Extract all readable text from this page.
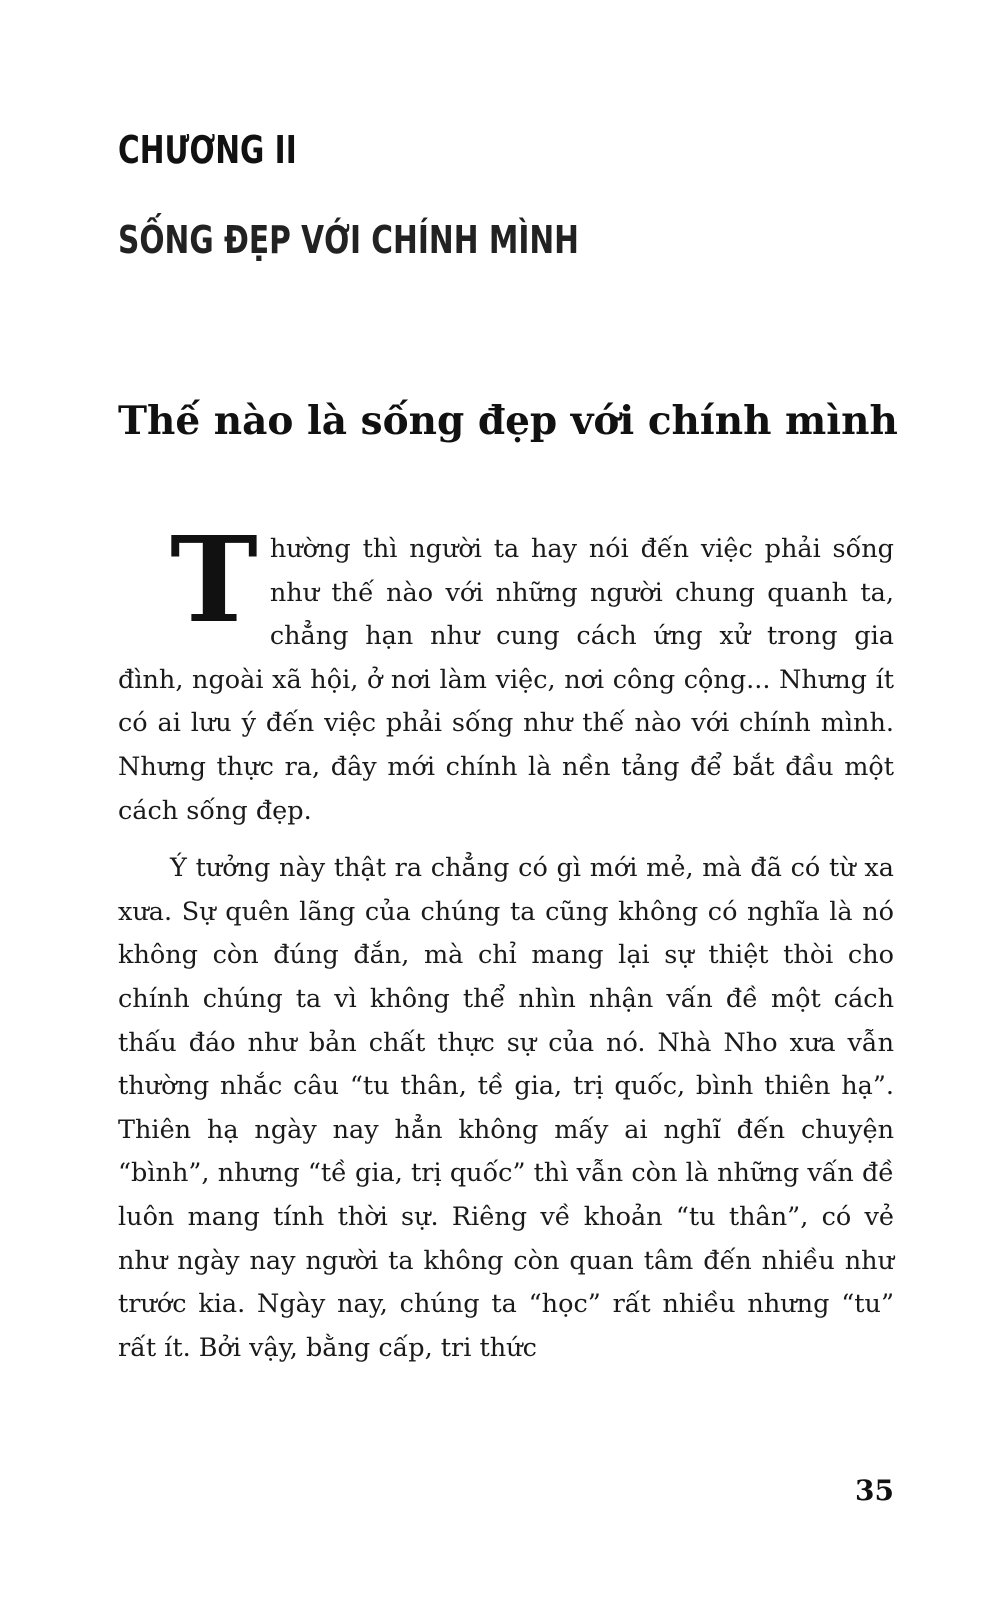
CHƯƠNG II
SỐNG ĐẸP VỚI CHÍNH MÌNH
Thế nào là sống đẹp với chính mình

Thường thì người ta hay nói đến việc phải sống như thế nào với những người chung quanh ta, chẳng hạn như cung cách ứng xử trong gia đình, ngoài xã hội, ở nơi làm việc, nơi công cộng... Nhưng ít có ai lưu ý đến việc phải sống như thế nào với chính mình. Nhưng thực ra, đây mới chính là nền tảng để bắt đầu một cách sống đẹp.

Ý tưởng này thật ra chẳng có gì mới mẻ, mà đã có từ xa xưa. Sự quên lãng của chúng ta cũng không có nghĩa là nó không còn đúng đắn, mà chỉ mang lại sự thiệt thòi cho chính chúng ta vì không thể nhìn nhận vấn đề một cách thấu đáo như bản chất thực sự của nó. Nhà Nho xưa vẫn thường nhắc câu “tu thân, tề gia, trị quốc, bình thiên hạ”. Thiên hạ ngày nay hẳn không mấy ai nghĩ đến chuyện “bình”, nhưng “tề gia, trị quốc” thì vẫn còn là những vấn đề luôn mang tính thời sự. Riêng về khoản “tu thân”, có vẻ như ngày nay người ta không còn quan tâm đến nhiều như trước kia. Ngày nay, chúng ta “học” rất nhiều nhưng “tu” rất ít. Bởi vậy, bằng cấp, tri thức

35
